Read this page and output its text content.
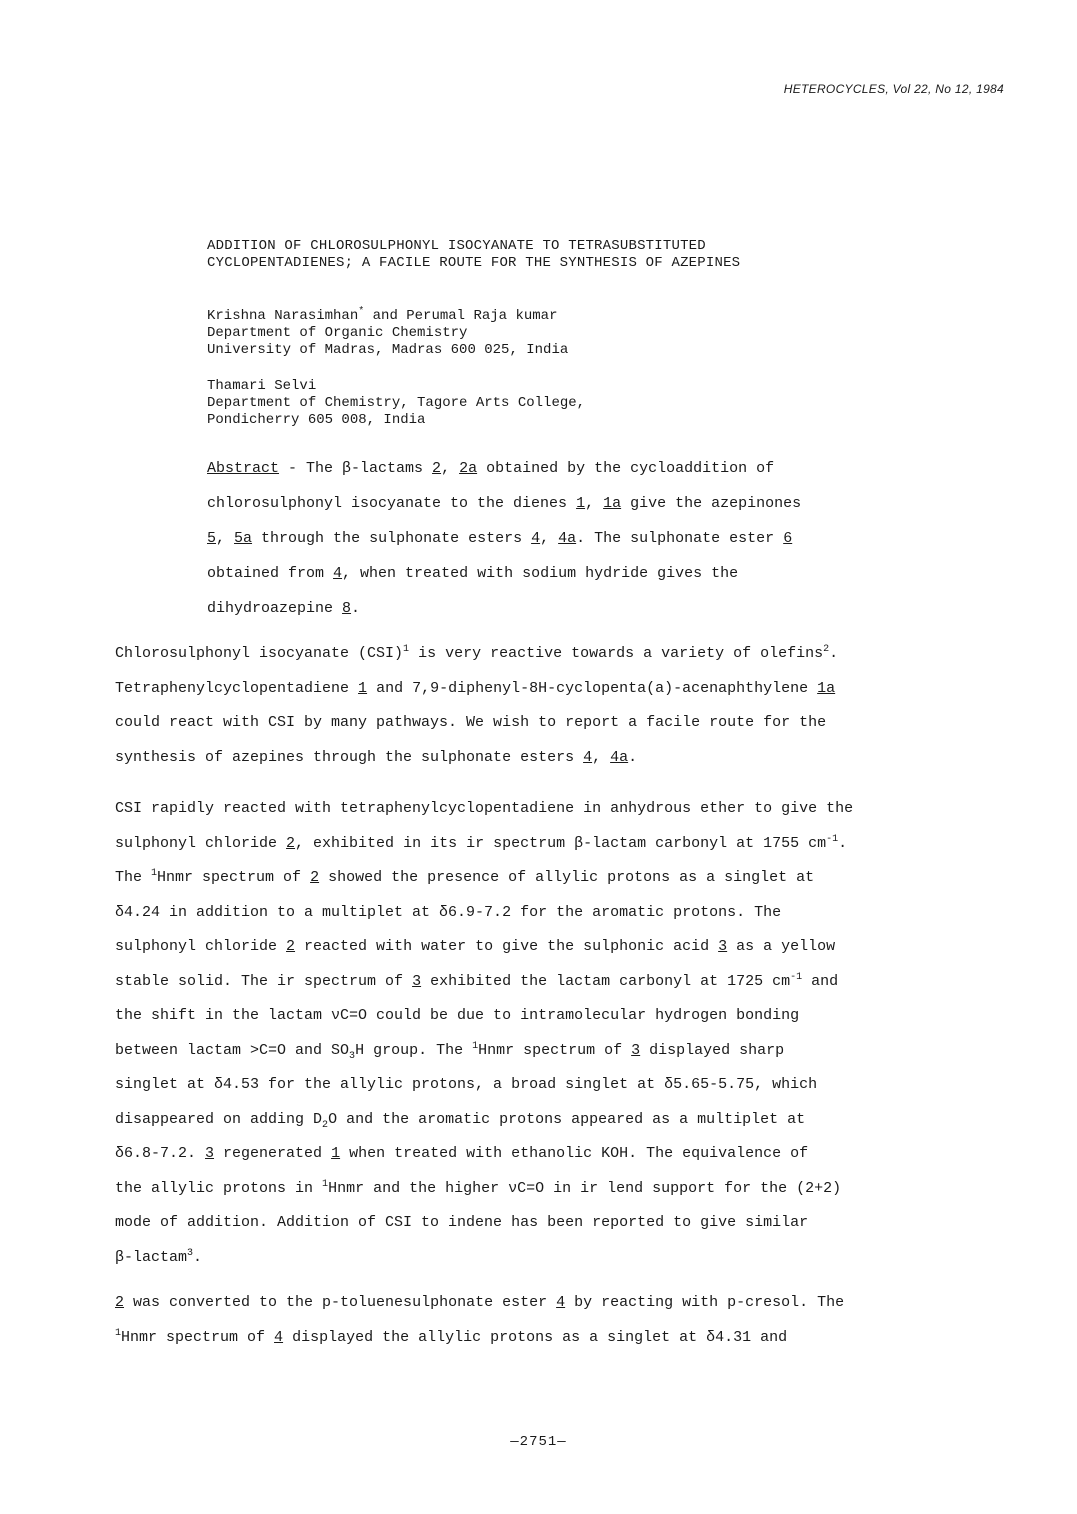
HETEROCYCLES, Vol 22, No 12, 1984
ADDITION OF CHLOROSULPHONYL ISOCYANATE TO TETRASUBSTITUTED
CYCLOPENTADIENES; A FACILE ROUTE FOR THE SYNTHESIS OF AZEPINES
Krishna Narasimhan* and Perumal Raja kumar
Department of Organic Chemistry
University of Madras, Madras 600 025, India
Thamari Selvi
Department of Chemistry, Tagore Arts College,
Pondicherry 605 008, India
Abstract - The β-lactams 2, 2a obtained by the cycloaddition of
chlorosulphonyl isocyanate to the dienes 1, 1a give the azepinones
5, 5a through the sulphonate esters 4, 4a. The sulphonate ester 6
obtained from 4, when treated with sodium hydride gives the
dihydroazepine 8.
Chlorosulphonyl isocyanate (CSI)$^1$ is very reactive towards a variety of olefins$^2$.
Tetraphenylcyclopentadiene 1 and 7,9-diphenyl-8H-cyclopenta(a)-acenaphthylene 1a
could react with CSI by many pathways. We wish to report a facile route for the
synthesis of azepines through the sulphonate esters 4, 4a.
CSI rapidly reacted with tetraphenylcyclopentadiene in anhydrous ether to give the
sulphonyl chloride 2, exhibited in its ir spectrum β-lactam carbonyl at 1755 $cm^{-1}$.
The $^1$Hnmr spectrum of 2 showed the presence of allylic protons as a singlet at
δ4.24 in addition to a multiplet at δ6.9-7.2 for the aromatic protons. The
sulphonyl chloride 2 reacted with water to give the sulphonic acid 3 as a yellow
stable solid. The ir spectrum of 3 exhibited the lactam carbonyl at 1725 $cm^{-1}$ and
the shift in the lactam νC=O could be due to intramolecular hydrogen bonding
between lactam >C=O and $SO_3H$ group. The $^1$Hnmr spectrum of 3 displayed sharp
singlet at δ4.53 for the allylic protons, a broad singlet at δ5.65-5.75, which
disappeared on adding $D_2O$ and the aromatic protons appeared as a multiplet at
δ6.8-7.2. 3 regenerated 1 when treated with ethanolic KOH. The equivalence of
the allylic protons in $^1$Hnmr and the higher νC=O in ir lend support for the (2+2)
mode of addition. Addition of CSI to indene has been reported to give similar
β-lactam$^3$.
2 was converted to the p-toluenesulphonate ester 4 by reacting with p-cresol. The
$^1$Hnmr spectrum of 4 displayed the allylic protons as a singlet at δ4.31 and
—2751—
